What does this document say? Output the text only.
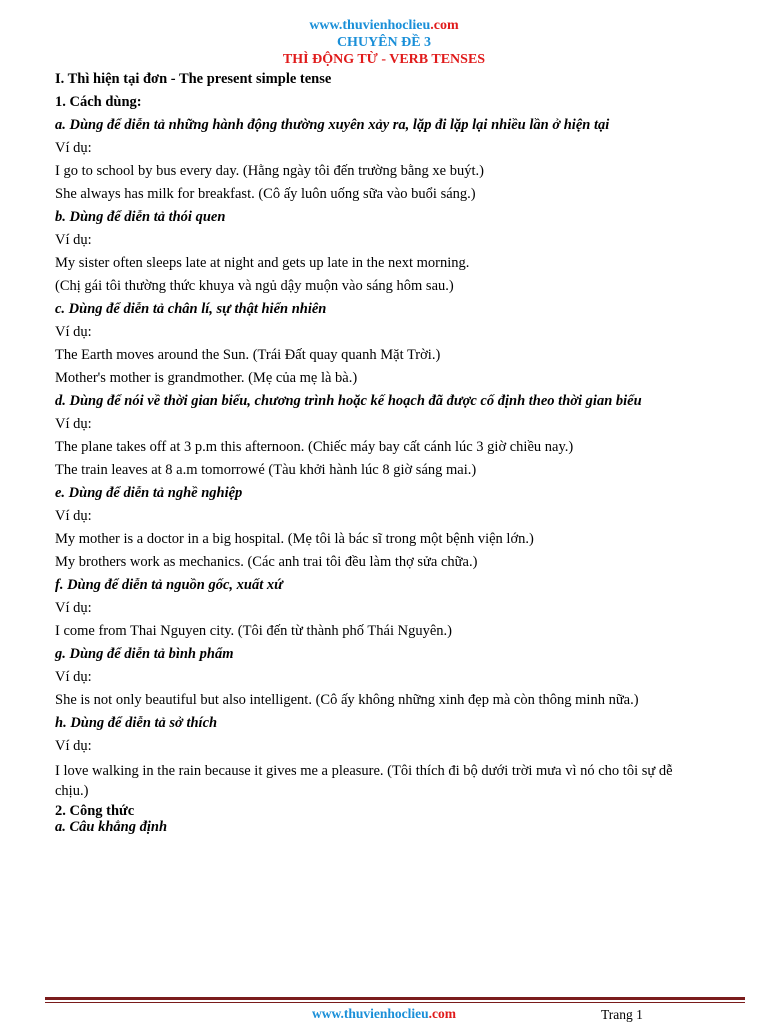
www.thuvienhoclieu.com
CHUYÊN ĐỀ 3
THÌ ĐỘNG TỪ - VERB TENSES
I. Thì hiện tại đơn - The present simple tense
1. Cách dùng:
a. Dùng để diễn tả những hành động thường xuyên xảy ra, lặp đi lặp lại nhiều lần ở hiện tại
Ví dụ:
I go to school by bus every day. (Hằng ngày tôi đến trường bằng xe buýt.)
She always has milk for breakfast. (Cô ấy luôn uống sữa vào buổi sáng.)
b. Dùng để diễn tả thói quen
Ví dụ:
My sister often sleeps late at night and gets up late in the next morning.
(Chị gái tôi thường thức khuya và ngủ dậy muộn vào sáng hôm sau.)
c. Dùng để diễn tả chân lí, sự thật hiển nhiên
Ví dụ:
The Earth moves around the Sun. (Trái Đất quay quanh Mặt Trời.)
Mother's mother is grandmother. (Mẹ của mẹ là bà.)
d. Dùng để nói về thời gian biểu, chương trình hoặc kế hoạch đã được cố định theo thời gian biểu
Ví dụ:
The plane takes off at 3 p.m this afternoon. (Chiếc máy bay cất cánh lúc 3 giờ chiều nay.)
The train leaves at 8 a.m tomorrowé (Tàu khởi hành lúc 8 giờ sáng mai.)
e. Dùng để diễn tả nghề nghiệp
Ví dụ:
My mother is a doctor in a big hospital. (Mẹ tôi là bác sĩ trong một bệnh viện lớn.)
My brothers work as mechanics. (Các anh trai tôi đều làm thợ sửa chữa.)
f. Dùng để diễn tả nguồn gốc, xuất xứ
Ví dụ:
I come from Thai Nguyen city. (Tôi đến từ thành phố Thái Nguyên.)
g. Dùng để diễn tả bình phẩm
Ví dụ:
She is not only beautiful but also intelligent. (Cô ấy không những xinh đẹp mà còn thông minh nữa.)
h. Dùng để diễn tả sở thích
Ví dụ:
I love walking in the rain because it gives me a pleasure. (Tôi thích đi bộ dưới trời mưa vì nó cho tôi sự dễ chịu.)
2. Công thức
a. Câu khẳng định
www.thuvienhoclieu.com	Trang 1
